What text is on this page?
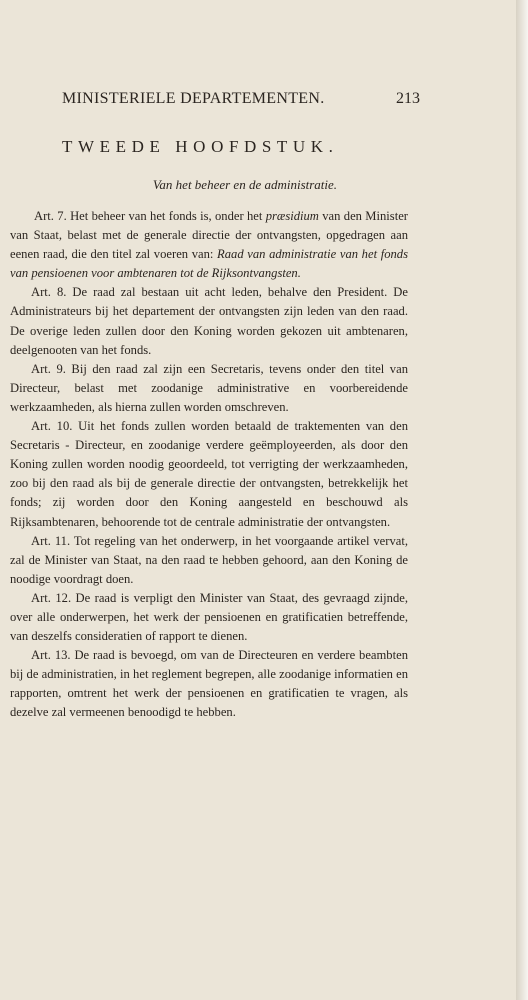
MINISTERIELE DEPARTEMENTEN.	213
TWEEDE HOOFDSTUK.
Van het beheer en de administratie.

Art. 7. Het beheer van het fonds is, onder het præsidium van den Minister van Staat, belast met de generale directie der ontvangsten, opgedragen aan eenen raad, die den titel zal voeren van: Raad van administratie van het fonds van pensioenen voor ambtenaren tot de Rijksontvangsten.

Art. 8. De raad zal bestaan uit acht leden, behalve den President. De Administrateurs bij het departement der ontvangsten zijn leden van den raad. De overige leden zullen door den Koning worden gekozen uit ambtenaren, deelgenooten van het fonds.

Art. 9. Bij den raad zal zijn een Secretaris, tevens onder den titel van Directeur, belast met zoodanige administrative en voorbereidende werkzaamheden, als hierna zullen worden omschreven.

Art. 10. Uit het fonds zullen worden betaald de traktementen van den Secretaris - Directeur, en zoodanige verdere geëmployeerden, als door den Koning zullen worden noodig geoordeeld, tot verrigting der werkzaamheden, zoo bij den raad als bij de generale directie der ontvangsten, betrekkelijk het fonds; zij worden door den Koning aangesteld en beschouwd als Rijksambtenaren, behoorende tot de centrale administratie der ontvangsten.

Art. 11. Tot regeling van het onderwerp, in het voorgaande artikel vervat, zal de Minister van Staat, na den raad te hebben gehoord, aan den Koning de noodige voordragt doen.

Art. 12. De raad is verpligt den Minister van Staat, des gevraagd zijnde, over alle onderwerpen, het werk der pensioenen en gratificatien betreffende, van deszelfs consideratien of rapport te dienen.

Art. 13. De raad is bevoegd, om van de Directeuren en verdere beambten bij de administratien, in het reglement begrepen, alle zoodanige informatien en rapporten, omtrent het werk der pensioenen en gratificatien te vragen, als dezelve zal vermeenen benoodigd te hebben.
